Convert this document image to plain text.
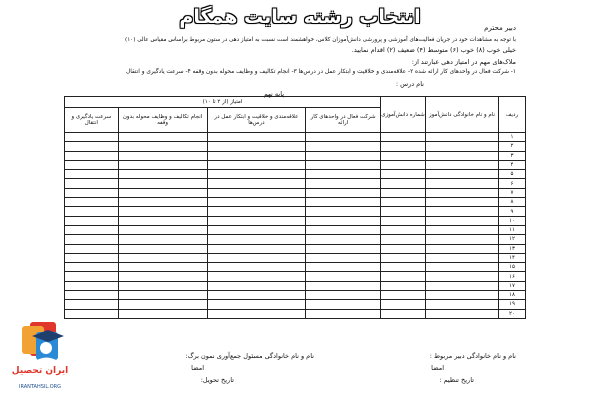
انتخاب رشته سایت همگام	دبیر محترم
با توجه به مشاهدات خود در جریان فعالیت‌های آموزشی و پرورشی دانش‌آموزان کلاس، خواهشمند است نسبت به امتیاز دهی در ستون مربوط براساس مقیاس عالی (۱۰)
خیلی خوب (۸) خوب (۶) متوسط (۴) ضعیف (۲) اقدام نمایید.
ملاک‌های مهم در امتیاز دهی عبارتند از:
۱- شرکت فعال در واحدهای کار ارائه شده ۲- علاقه‌مندی و خلاقیت و ابتکار عمل در درس‌ها ۳- انجام تکالیف و وظایف محوله بدون وقفه ۴- سرعت یادگیری و انتقال
نام درس :
پایه نهم
ردیف	نام و نام خانوادگی دانش‌آموز	شماره دانش‌آموزی	امتیاز (از ۲ تا ۱۰)			
			شرکت فعال در واحدهای کار ارائه	علاقه‌مندی و خلاقیت و ابتکار عمل در درس‌ها	انجام تکالیف و وظایف محوله بدون وقفه	سرعت یادگیری و انتقال
۱						
۲						
۳						
۴						
۵						
۶						
۷						
۸						
۹						
۱۰						
۱۱						
۱۲						
۱۳						
۱۴						
۱۵						
۱۶						
۱۷						
۱۸						
۱۹						
۲۰						
نام و نام خانوادگی دبیر مربوط :
امضا
تاریخ تنظیم :
نام و نام خانوادگی مسئول جمع‌آوری نمون برگ:
امضا
تاریخ تحویل:
ایران تحصیل
IRANTAHSIL.ORG
